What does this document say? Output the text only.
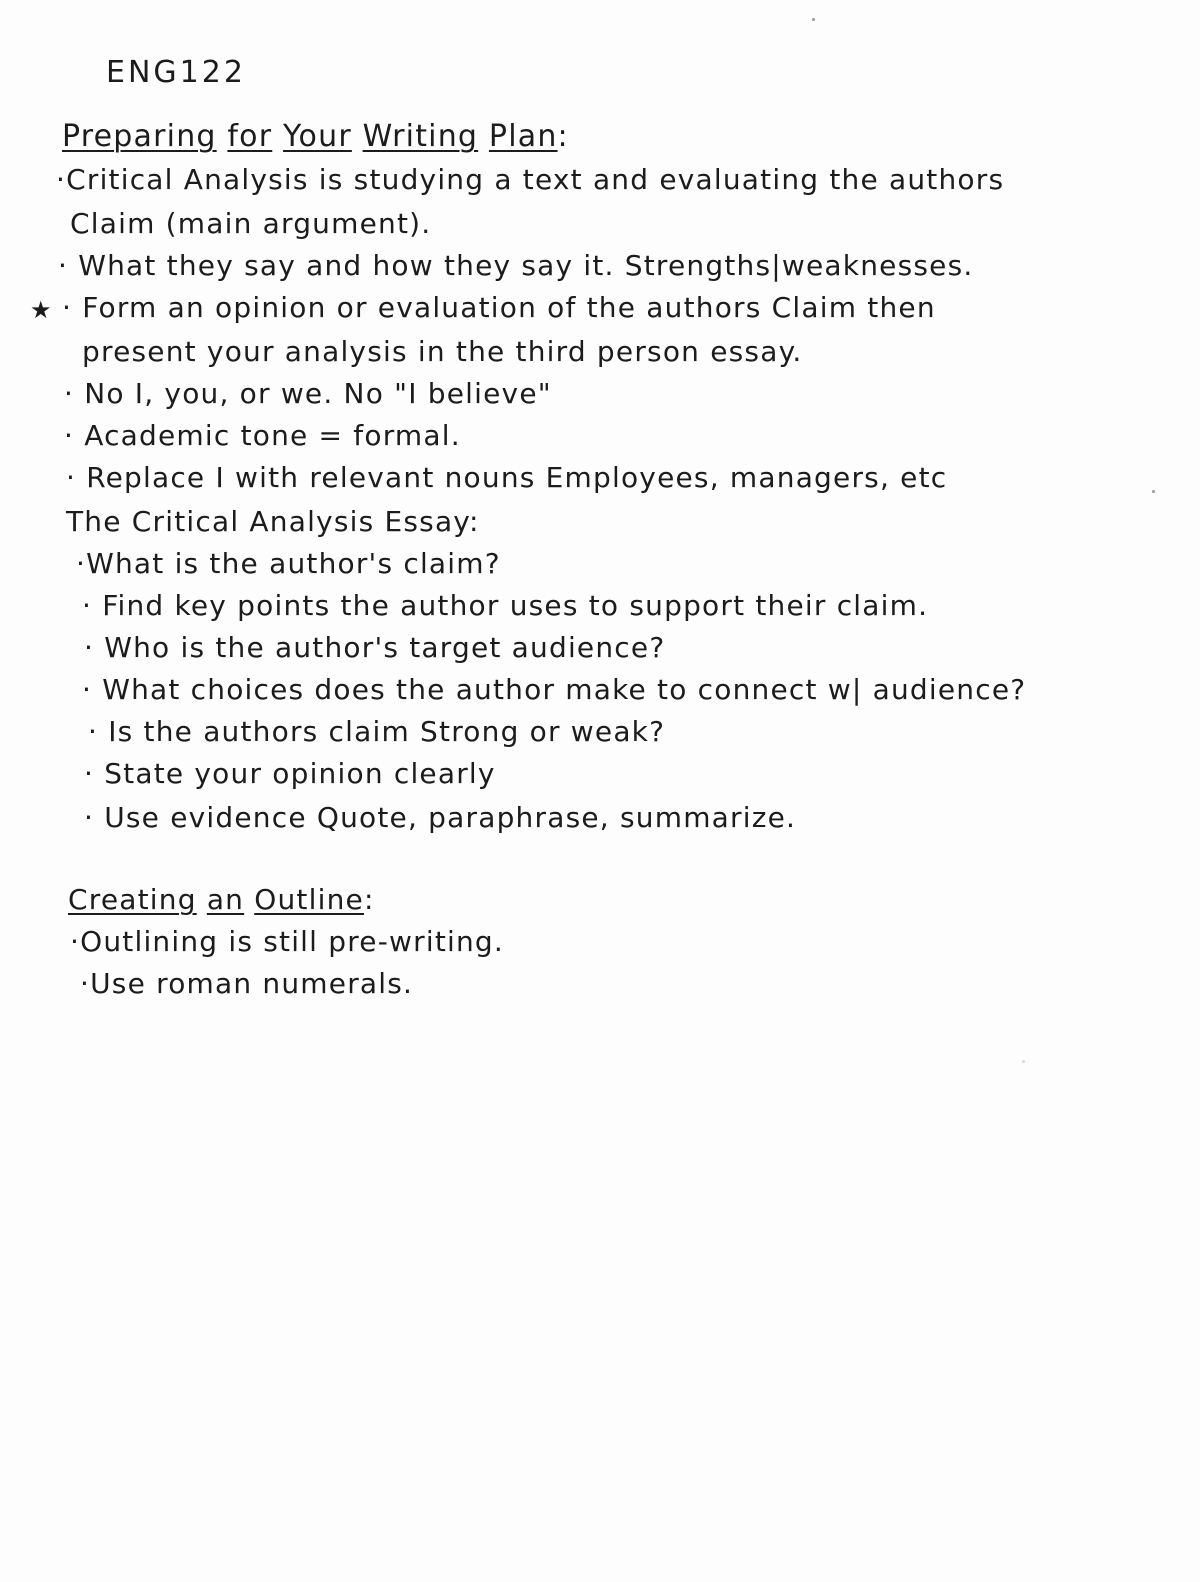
ENG122
Preparing for Your Writing Plan:
·Critical Analysis is studying a text and evaluating the authors
Claim (main argument).
· What they say and how they say it. Strengths|weaknesses.
★ · Form an opinion or evaluation of the authors Claim then
present your analysis in the third person essay.
· No I, you, or we. No "I believe"
· Academic tone = formal.
· Replace I with relevant nouns Employees, managers, etc
The Critical Analysis Essay:
·What is the author's claim?
· Find key points the author uses to support their claim.
· Who is the author's target audience?
· What choices does the author make to connect w| audience?
· Is the authors claim Strong or weak?
· State your opinion clearly
· Use evidence Quote, paraphrase, summarize.
Creating an Outline:
·Outlining is still pre-writing.
·Use roman numerals.
